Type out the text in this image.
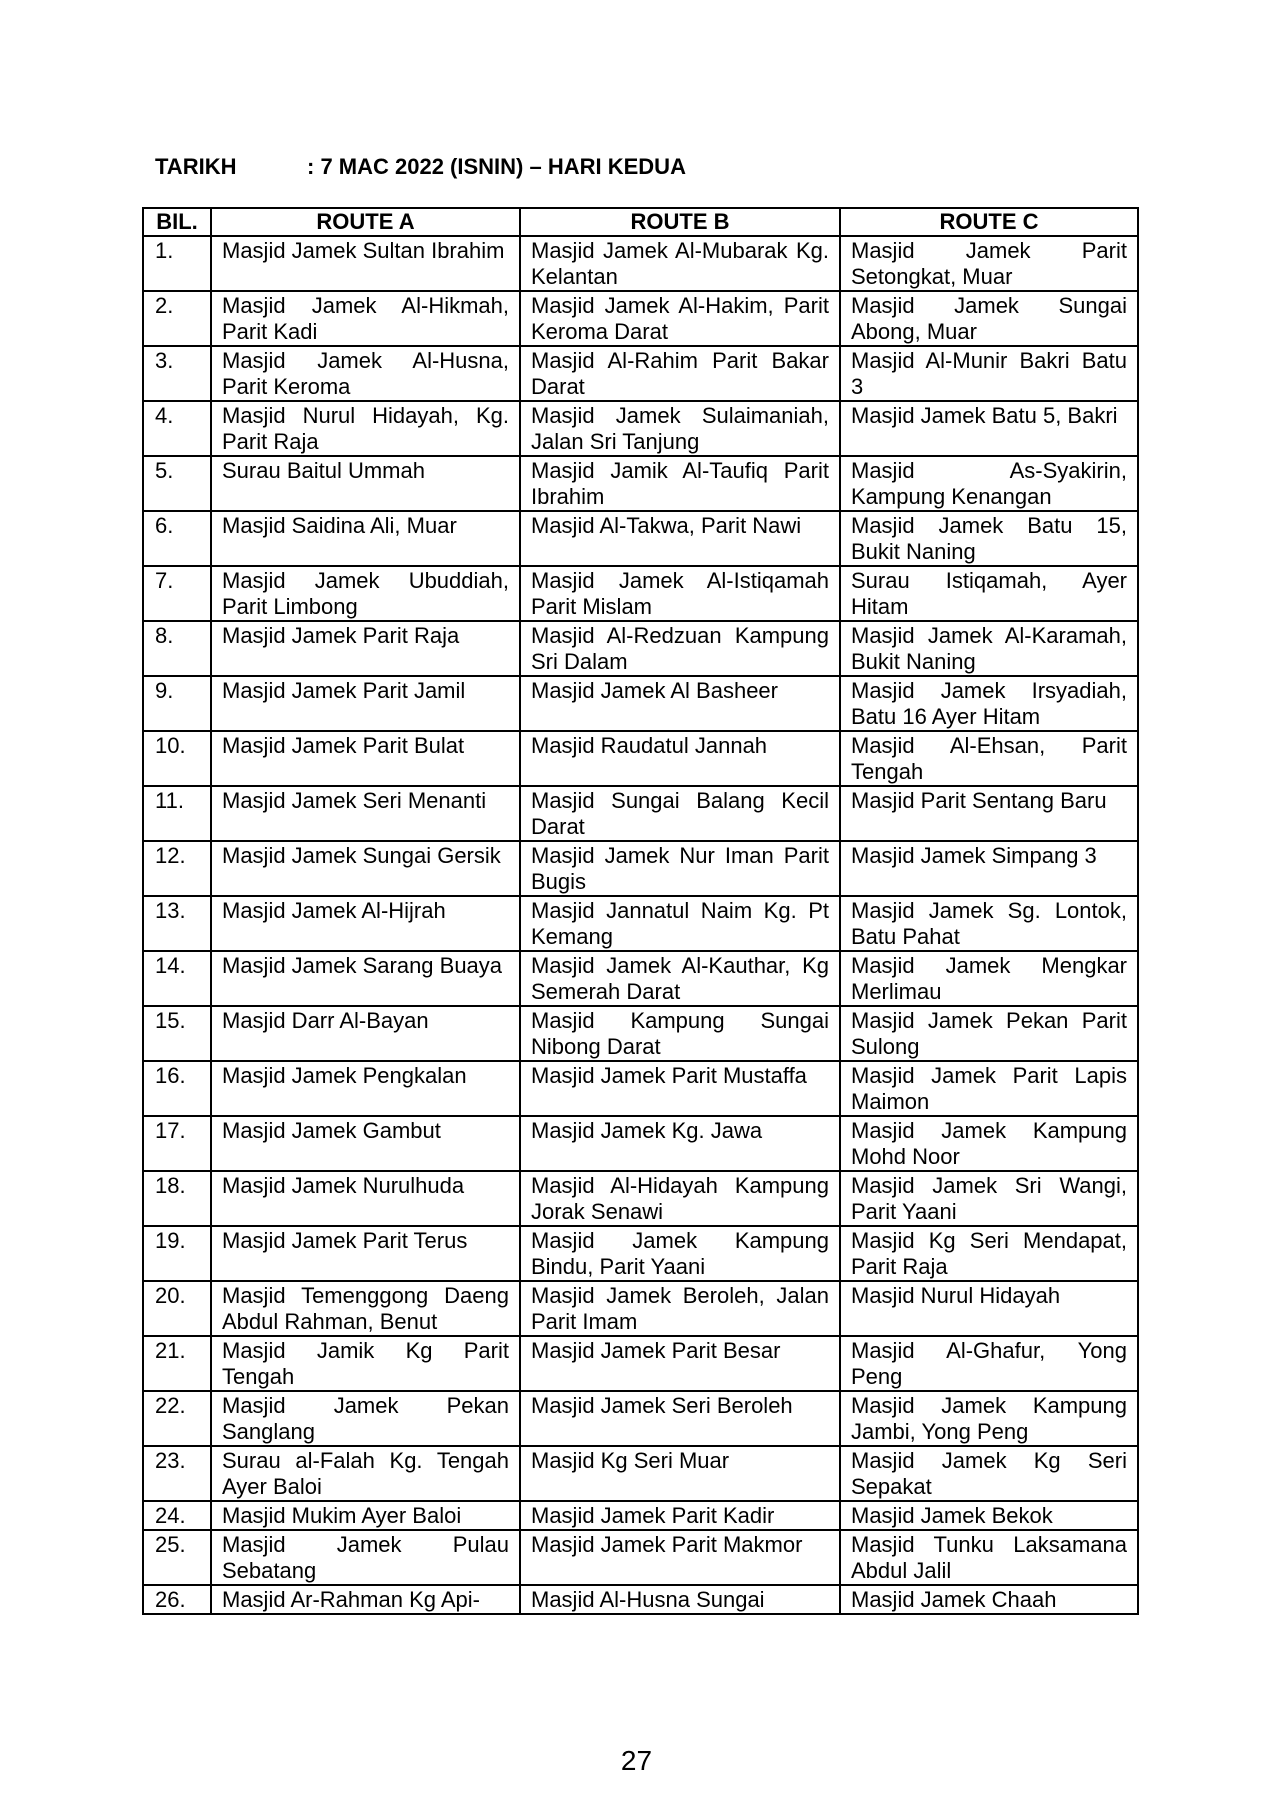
TARIKH	: 7 MAC 2022 (ISNIN) – HARI KEDUA
BIL.	ROUTE A	ROUTE B	ROUTE C
1.	Masjid Jamek Sultan Ibrahim	Masjid Jamek Al-Mubarak Kg. Kelantan	Masjid Jamek Parit Setongkat, Muar
2.	Masjid Jamek Al-Hikmah, Parit Kadi	Masjid Jamek Al-Hakim, Parit Keroma Darat	Masjid Jamek Sungai Abong, Muar
3.	Masjid Jamek Al-Husna, Parit Keroma	Masjid Al-Rahim Parit Bakar Darat	Masjid Al-Munir Bakri Batu 3
4.	Masjid Nurul Hidayah, Kg. Parit Raja	Masjid Jamek Sulaimaniah, Jalan Sri Tanjung	Masjid Jamek Batu 5, Bakri
5.	Surau Baitul Ummah	Masjid Jamik Al-Taufiq Parit Ibrahim	Masjid As-Syakirin, Kampung Kenangan
6.	Masjid Saidina Ali, Muar	Masjid Al-Takwa, Parit Nawi	Masjid Jamek Batu 15, Bukit Naning
7.	Masjid Jamek Ubuddiah, Parit Limbong	Masjid Jamek Al-Istiqamah Parit Mislam	Surau Istiqamah, Ayer Hitam
8.	Masjid Jamek Parit Raja	Masjid Al-Redzuan Kampung Sri Dalam	Masjid Jamek Al-Karamah, Bukit Naning
9.	Masjid Jamek Parit Jamil	Masjid Jamek Al Basheer	Masjid Jamek Irsyadiah, Batu 16 Ayer Hitam
10.	Masjid Jamek Parit Bulat	Masjid Raudatul Jannah	Masjid Al-Ehsan, Parit Tengah
11.	Masjid Jamek Seri Menanti	Masjid Sungai Balang Kecil Darat	Masjid Parit Sentang Baru
12.	Masjid Jamek Sungai Gersik	Masjid Jamek Nur Iman Parit Bugis	Masjid Jamek Simpang 3
13.	Masjid Jamek Al-Hijrah	Masjid Jannatul Naim Kg. Pt Kemang	Masjid Jamek Sg. Lontok, Batu Pahat
14.	Masjid Jamek Sarang Buaya	Masjid Jamek Al-Kauthar, Kg Semerah Darat	Masjid Jamek Mengkar Merlimau
15.	Masjid Darr Al-Bayan	Masjid Kampung Sungai Nibong Darat	Masjid Jamek Pekan Parit Sulong
16.	Masjid Jamek Pengkalan	Masjid Jamek Parit Mustaffa	Masjid Jamek Parit Lapis Maimon
17.	Masjid Jamek Gambut	Masjid Jamek Kg. Jawa	Masjid Jamek Kampung Mohd Noor
18.	Masjid Jamek Nurulhuda	Masjid Al-Hidayah Kampung Jorak Senawi	Masjid Jamek Sri Wangi, Parit Yaani
19.	Masjid Jamek Parit Terus	Masjid Jamek Kampung Bindu, Parit Yaani	Masjid Kg Seri Mendapat, Parit Raja
20.	Masjid Temenggong Daeng Abdul Rahman, Benut	Masjid Jamek Beroleh, Jalan Parit Imam	Masjid Nurul Hidayah
21.	Masjid Jamik Kg Parit Tengah	Masjid Jamek Parit Besar	Masjid Al-Ghafur, Yong Peng
22.	Masjid Jamek Pekan Sanglang	Masjid Jamek Seri Beroleh	Masjid Jamek Kampung Jambi, Yong Peng
23.	Surau al-Falah Kg. Tengah Ayer Baloi	Masjid Kg Seri Muar	Masjid Jamek Kg Seri Sepakat
24.	Masjid Mukim Ayer Baloi	Masjid Jamek Parit Kadir	Masjid Jamek Bekok
25.	Masjid Jamek Pulau Sebatang	Masjid Jamek Parit Makmor	Masjid Tunku Laksamana Abdul Jalil
26.	Masjid Ar-Rahman Kg Api-	Masjid Al-Husna Sungai	Masjid Jamek Chaah
27
